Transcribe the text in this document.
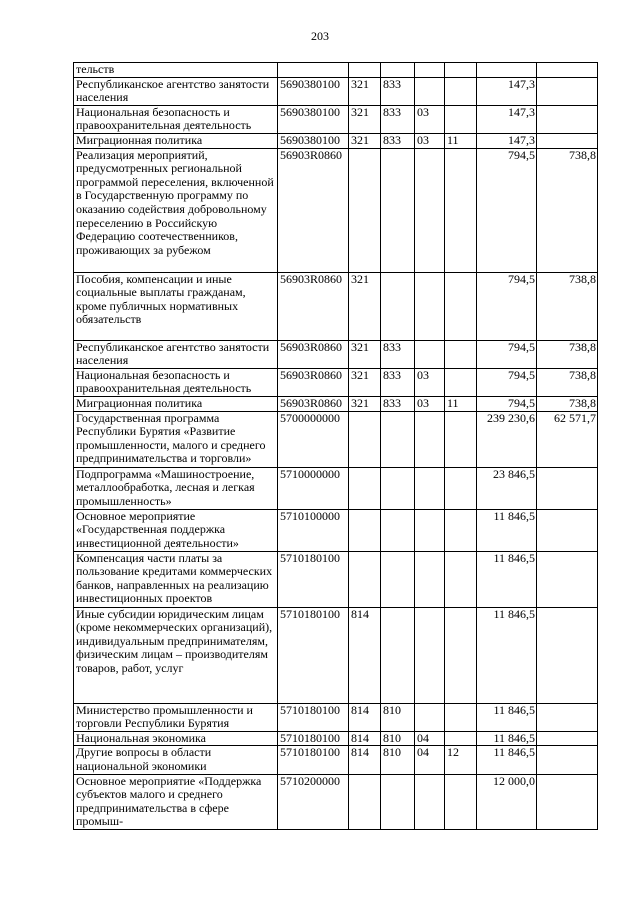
203
тельств							
Республиканское агентство занятости населения	5690380100	321	833			147,3	
Национальная безопасность и правоохранительная деятельность	5690380100	321	833	03		147,3	
Миграционная политика	5690380100	321	833	03	11	147,3	
Реализация мероприятий, предусмотренных региональной программой переселения, включенной в Государственную программу по оказанию содействия добровольному переселению в Российскую Федерацию соотечественников, проживающих за рубежом	56903R0860					794,5	738,8
Пособия, компенсации и иные социальные выплаты гражданам, кроме публичных нормативных обязательств	56903R0860	321				794,5	738,8
Республиканское агентство занятости населения	56903R0860	321	833			794,5	738,8
Национальная безопасность и правоохранительная деятельность	56903R0860	321	833	03		794,5	738,8
Миграционная политика	56903R0860	321	833	03	11	794,5	738,8
Государственная программа Республики Бурятия «Развитие промышленности, малого и среднего предпринимательства и торговли»	5700000000					239 230,6	62 571,7
Подпрограмма «Машиностроение, металлообработка, лесная и легкая промышленность»	5710000000					23 846,5	
Основное мероприятие «Государственная поддержка инвестиционной деятельности»	5710100000					11 846,5	
Компенсация части платы за пользование кредитами коммерческих банков, направленных на реализацию инвестиционных проектов	5710180100					11 846,5	
Иные субсидии юридическим лицам (кроме некоммерческих организаций), индивидуальным предпринимателям, физическим лицам – производителям товаров, работ, услуг	5710180100	814				11 846,5	
Министерство промышленности и торговли Республики Бурятия	5710180100	814	810			11 846,5	
Национальная экономика	5710180100	814	810	04		11 846,5	
Другие вопросы в области национальной экономики	5710180100	814	810	04	12	11 846,5	
Основное мероприятие «Поддержка субъектов малого и среднего предпринимательства в сфере промыш-	5710200000					12 000,0	
